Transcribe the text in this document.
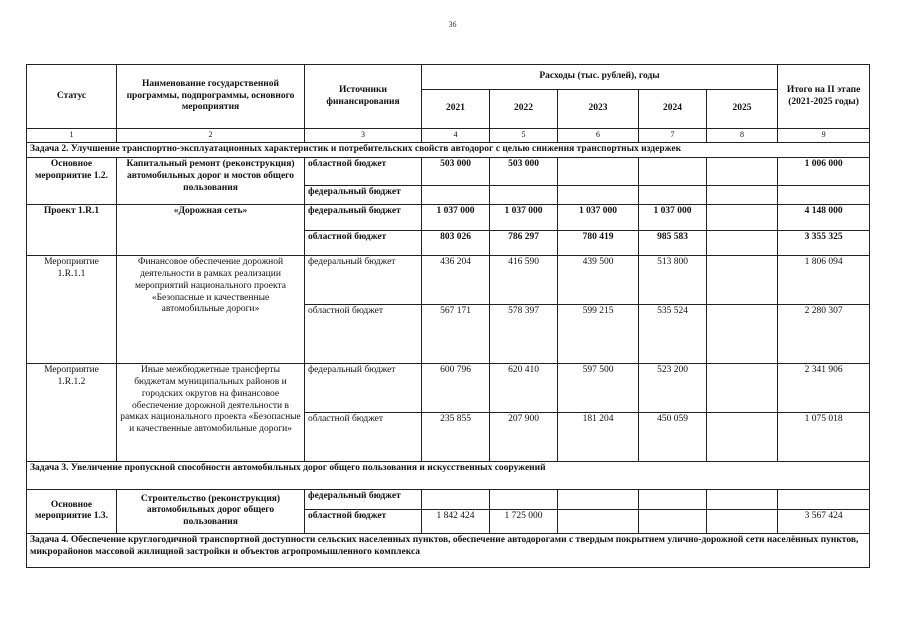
36
Статус	Наименование государственной программы, подпрограммы, основного мероприятия	Источники финансирования	Расходы (тыс. рублей), годы					Итого на II этапе (2021-2025 годы)
			2021	2022	2023	2024	2025	
1	2	3	4	5	6	7	8	9
Задача 2. Улучшение транспортно-эксплуатационных характеристик и потребительских свойств автодорог с целью снижения транспортных издержек								
Основное мероприятие 1.2.	Капитальный ремонт (реконструкция) автомобильных дорог и мостов общего пользования	областной бюджет	503 000	503 000				1 006 000
		федеральный бюджет						
Проект 1.R.1	«Дорожная сеть»	федеральный бюджет	1 037 000	1 037 000	1 037 000	1 037 000		4 148 000
		областной бюджет	803 026	786 297	780 419	985 583		3 355 325
Мероприятие 1.R.1.1	Финансовое обеспечение дорожной деятельности в рамках реализации мероприятий национального проекта «Безопасные и качественные автомобильные дороги»	федеральный бюджет	436 204	416 590	439 500	513 800		1 806 094
		областной бюджет	567 171	578 397	599 215	535 524		2 280 307
Мероприятие 1.R.1.2	Иные межбюджетные трансферты бюджетам муниципальных районов и городских округов на финансовое обеспечение дорожной деятельности в рамках национального проекта «Безопасные и качественные автомобильные дороги»	федеральный бюджет	600 796	620 410	597 500	523 200		2 341 906
		областной бюджет	235 855	207 900	181 204	450 059		1 075 018
Задача 3. Увеличение пропускной способности автомобильных дорог общего пользования и искусственных сооружений								
Основное мероприятие 1.3.	Строительство (реконструкция) автомобильных дорог общего пользования	федеральный бюджет						
		областной бюджет	1 842 424	1 725 000				3 567 424
Задача 4. Обеспечение круглогодичной транспортной доступности сельских населенных пунктов, обеспечение автодорогами с твердым покрытием улично-дорожной сети населённых пунктов, микрорайонов массовой жилищной застройки и объектов агропромышленного комплекса								
